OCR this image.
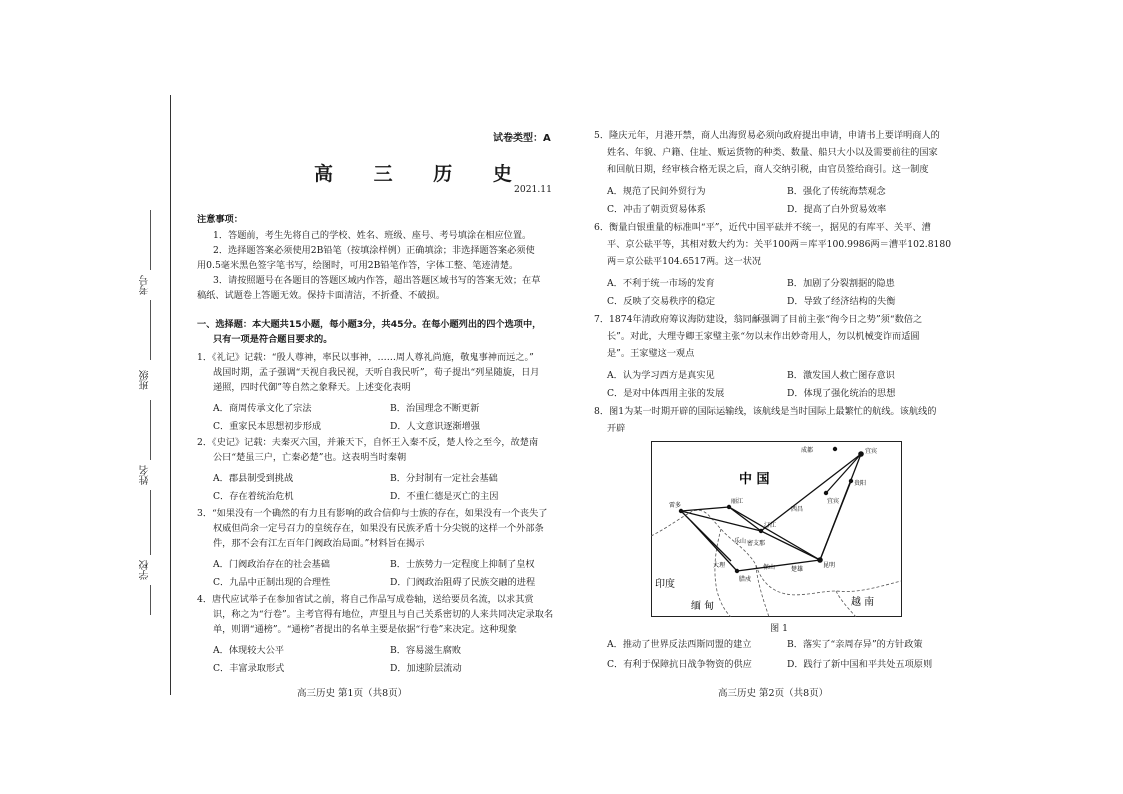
考号
班级
姓名
学校
试卷类型：A
高 三 历 史
2021.11
注意事项：
1．答题前，考生先将自己的学校、姓名、班级、座号、考号填涂在相应位置。
2．选择题答案必须使用2B铅笔（按填涂样例）正确填涂；非选择题答案必须使
用0.5毫米黑色签字笔书写，绘图时，可用2B铅笔作答，字体工整、笔迹清楚。
3．请按照题号在各题目的答题区域内作答，超出答题区域书写的答案无效；在草
稿纸、试题卷上答题无效。保持卡面清洁，不折叠、不破损。
一、选择题：本大题共15小题，每小题3分，共45分。在每小题列出的四个选项中，
只有一项是符合题目要求的。
1．《礼记》记载：“殷人尊神，率民以事神，……周人尊礼尚施，敬鬼事神而远之。”
战国时期，孟子强调“天视自我民视，天听自我民听”，荀子提出“列星随旋，日月
递照，四时代御”等自然之象释天。上述变化表明
A．商周传承文化了宗法	B．治国理念不断更新
C．重家民本思想初步形成	D．人文意识逐渐增强
2．《史记》记载：夫秦灭六国，并兼天下，自怀王入秦不反，楚人怜之至今，故楚南
公曰“楚虽三户，亡秦必楚”也。这表明当时秦朝
A．郡县制受到挑战	B．分封制有一定社会基础
C．存在着统治危机	D．不重仁德是灭亡的主因
3．“如果没有一个确然的有力且有影响的政合信仰与士族的存在，如果没有一个丧失了
权威但尚余一定号召力的皇统存在，如果没有民族矛盾十分尖锐的这样一个外部条
件，那不会有江左百年门阀政治局面。”材料旨在揭示
A．门阀政治存在的社会基础	B．士族势力一定程度上抑制了皇权
C．九品中正制出现的合理性	D．门阀政治阻碍了民族交融的进程
4．唐代应试举子在参加省试之前，将自己作品写成卷轴，送给要员名流，以求其赏
识，称之为“行卷”。主考官得有地位，声望且与自己关系密切的人来共同决定录取名
单，则谓“通榜”。“通榜”者提出的名单主要是依据“行卷”来决定。这种现象
A．体现较大公平	B．容易滋生腐败
C．丰富录取形式	D．加速阶层流动
高三历史 第1页（共8页）
5．隆庆元年，月港开禁，商人出海贸易必须向政府提出申请，申请书上要详明商人的
姓名、年貌、户籍、住址、贩运货物的种类、数量、船只大小以及需要前往的国家
和回航日期，经审核合格无误之后，商人交纳引税，由官员签给商引。这一制度
A．规范了民间外贸行为	B．强化了传统海禁观念
C．冲击了朝贡贸易体系	D．提高了白外贸易效率
6．衡量白银重量的标准叫“平”，近代中国平砝并不统一，据见的有库平、关平、漕
平、京公砝平等，其相对数大约为：关平100两＝库平100.9986两＝漕平102.8180
两＝京公砝平104.6517两。这一状况
A．不利于统一市场的发育	B．加剧了分裂割据的隐患
C．反映了交易秩序的稳定	D．导致了经济结构的失衡
7．1874年清政府筹议海防建设，翁同龢强调了目前主张“徇今日之势”须“数倍之
长”。对此，大理寺卿王家璧主张“勿以末作出妙奇用人，勿以机械变诈而适圆
是”。王家璧这一观点
A．认为学习西方是真实见	B．激发国人救亡图存意识
C．是对中体西用主张的发展	D．体现了强化统治的思想
8．图1为某一时期开辟的国际运输线，该航线是当时国际上最繁忙的航线。该航线的
开辟
中 国
印度
缅 甸	越 南
成都	宜宾
宜宾
昆明
贵阳
汀江
丽江
密支那
腊戍
保山	楚雄
西昌
乐山
雷多
大理
图 1
A．推动了世界反法西斯同盟的建立	B．落实了“亲周存异”的方针政策
C．有利于保障抗日战争物资的供应	D．践行了新中国和平共处五项原则
高三历史 第2页（共8页）
